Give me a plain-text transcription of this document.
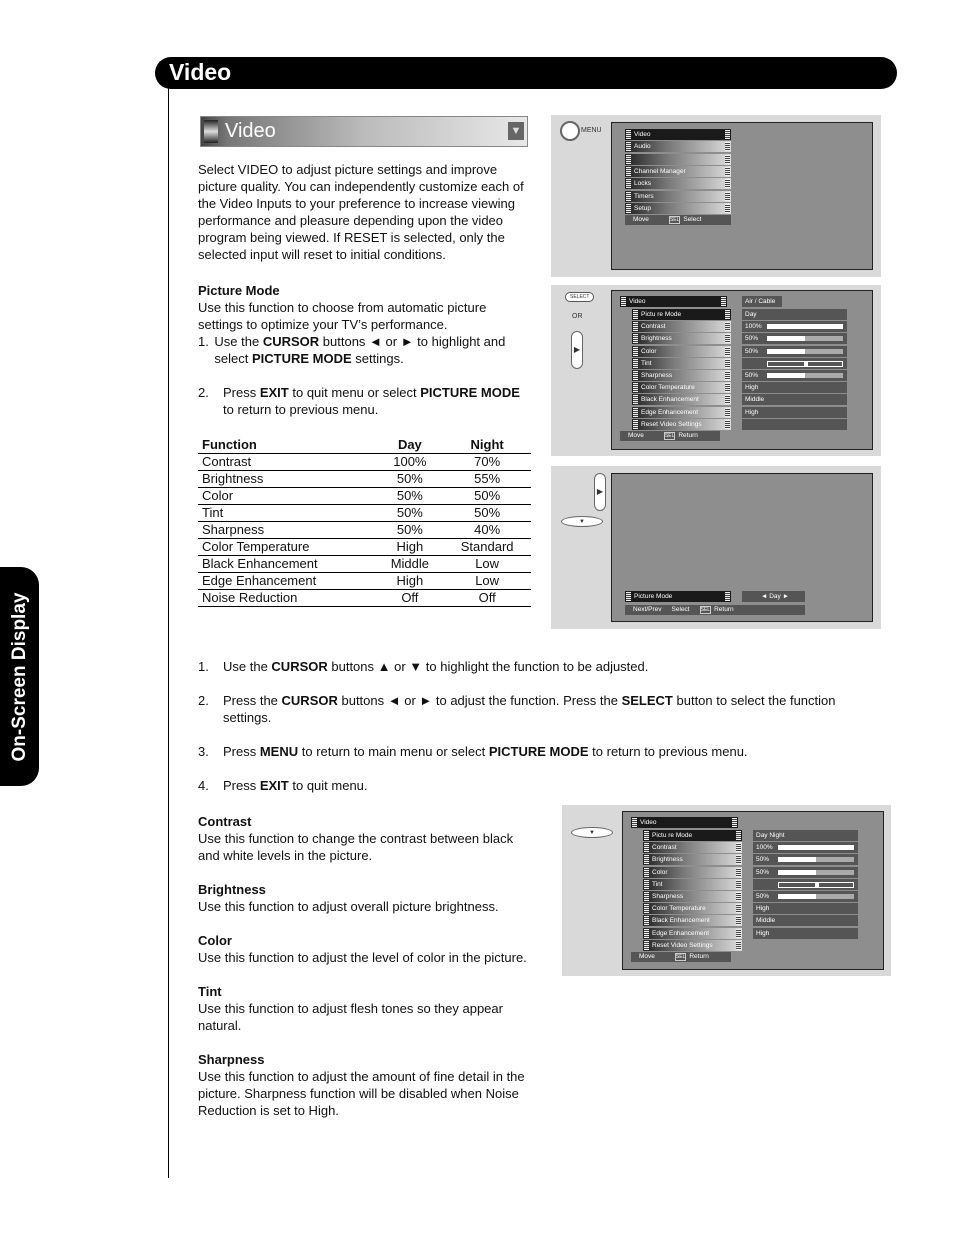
Video
On-Screen Display
Video	▼
Select VIDEO to adjust picture settings and improve picture quality. You can independently customize each of the Video Inputs to your preference to increase viewing performance and pleasure depending upon the video program being viewed. If RESET is selected, only the selected input will reset to initial conditions.
Picture Mode
Use this function to choose from automatic picture settings to optimize your TV’s performance.
1. Use the CURSOR buttons ◄ or ► to highlight and select PICTURE MODE settings.
2.	Press EXIT to quit menu or select PICTURE MODE to return to previous menu.
Function	Day	Night
Contrast	100%	70%
Brightness	50%	55%
Color	50%	50%
Tint	50%	50%
Sharpness	50%	40%
Color Temperature	High	Standard
Black Enhancement	Middle	Low
Edge Enhancement	High	Low
Noise Reduction	Off	Off
1.	Use the CURSOR buttons ▲ or ▼ to highlight the function to be adjusted.
2.	Press the CURSOR buttons ◄ or ► to adjust the function. Press the SELECT button to select the function settings.
3.	Press MENU to return to main menu or select PICTURE MODE to return to previous menu.
4.	Press EXIT to quit menu.
Contrast
Use this function to change the contrast between black and white levels in the picture.
Brightness
Use this function to adjust overall picture brightness.
Color
Use this function to adjust the level of color in the picture.
Tint
Use this function to adjust flesh tones so they appear natural.
Sharpness
Use this function to adjust the amount of fine detail in the picture. Sharpness function will be disabled when Noise Reduction is set to High.
MENU
Video
Audio
Channel Manager
Locks
Timers
Setup
Move	SEL Select
SELECT
OR
▶
Video	Air / Cable
Pictu re Mode	Day
Contrast	100%
Brightness	50%
Color	50%
Tint
Sharpness	50%
Color Temperature	High
Black Enhancement	Middle
Edge Enhancement	High
Reset Video Settings
Move	SEL Return
▶
▼
Picture Mode	◄ Day ►
Next/Prev Select SEL Return
▼
Video
Pictu re Mode	Day Night
Contrast	100%
Brightness	50%
Color	50%
Tint
Sharpness	50%
Color Temperature	High
Black Enhancement	Middle
Edge Enhancement	High
Reset Video Settings
Move	SEL Return
